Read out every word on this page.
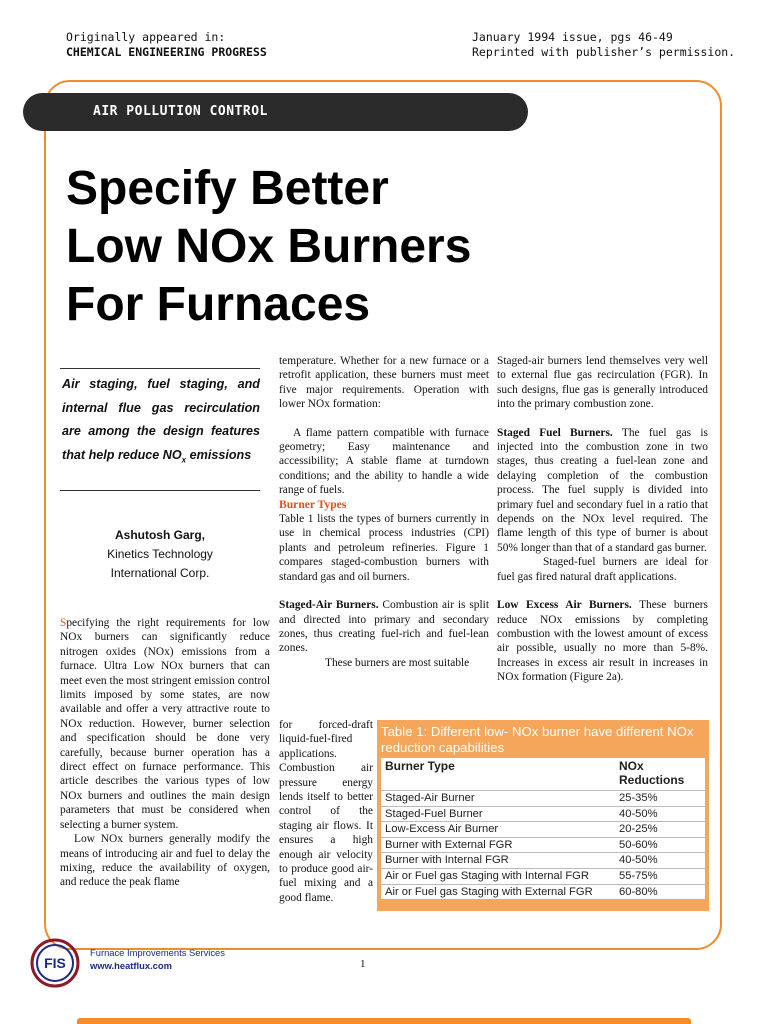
Originally appeared in:
CHEMICAL ENGINEERING PROGRESS
January 1994 issue, pgs 46-49
Reprinted with publisher’s permission.
AIR POLLUTION CONTROL
Specify Better
Low NOx Burners
For Furnaces
Air staging, fuel staging, and internal flue gas recirculation are among the design features that help reduce $NO_x$ emissions
Ashutosh Garg,
Kinetics Technology
International Corp.

Specifying the right requirements for low NOx burners can significantly reduce nitrogen oxides (NOx) emissions from a furnace. Ultra Low NOx burners that can meet even the most stringent emission control limits imposed by some states, are now available and offer a very attractive route to NOx reduction. However, burner selection and specification should be done very carefully, because burner operation has a direct effect on furnace performance. This article describes the various types of low NOx burners and outlines the main design parameters that must be considered when selecting a burner system.

Low NOx burners generally modify the means of introducing air and fuel to delay the mixing, reduce the availability of oxygen, and reduce the peak flame

temperature. Whether for a new furnace or a retrofit application, these burners must meet five major requirements. Operation with lower NOx formation:

A flame pattern compatible with furnace geometry; Easy maintenance and accessibility; A stable flame at turndown conditions; and the ability to handle a wide range of fuels.

Burner Types

Table 1 lists the types of burners currently in use in chemical process industries (CPI) plants and petroleum refineries. Figure 1 compares staged-combustion burners with standard gas and oil burners.

Staged-Air Burners. Combustion air is split and directed into primary and secondary zones, thus creating fuel-rich and fuel-lean zones.

These burners are most suitable

for forced-draft liquid-fuel-fired applications. Combustion air pressure energy lends itself to better control of the staging air flows. It ensures a high enough air velocity to produce good air-fuel mixing and a good flame.

Staged-air burners lend themselves very well to external flue gas recirculation (FGR). In such designs, flue gas is generally introduced into the primary combustion zone.

Staged Fuel Burners. The fuel gas is injected into the combustion zone in two stages, thus creating a fuel-lean zone and delaying completion of the combustion process. The fuel supply is divided into primary fuel and secondary fuel in a ratio that depends on the NOx level required. The flame length of this type of burner is about 50% longer than that of a standard gas burner.

Staged-fuel burners are ideal for fuel gas fired natural draft applications.

Low Excess Air Burners. These burners reduce NOx emissions by completing combustion with the lowest amount of excess air possible, usually no more than 5-8%. Increases in excess air result in increases in NOx formation (Figure 2a).

Table 1: Different low- NOx burner have different NOx reduction capabilities
Burner Type	NOx Reductions
Staged-Air Burner	25-35%
Staged-Fuel Burner	40-50%
Low-Excess Air Burner	20-25%
Burner with External FGR	50-60%
Burner with Internal FGR	40-50%
Air or Fuel gas Staging with Internal FGR	55-75%
Air or Fuel gas Staging with External FGR	60-80%
FIS
Furnace Improvements Services
www.heatflux.com	1
